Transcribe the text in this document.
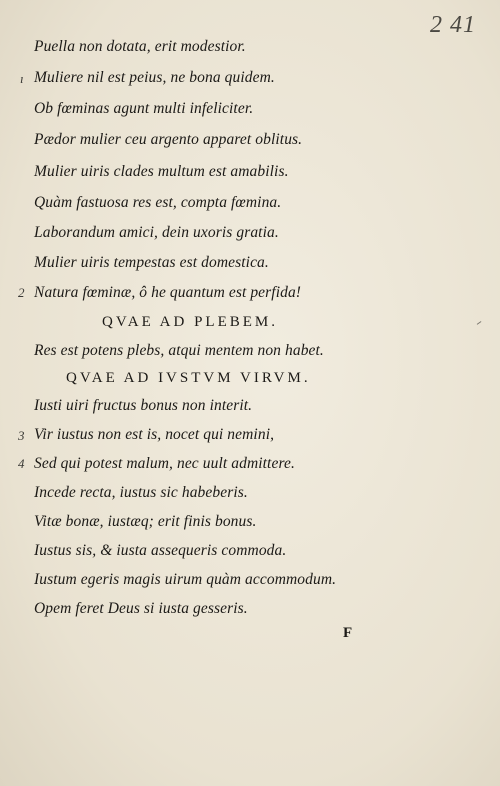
2 41
Puella non dotata, erit modestior.
Muliere nil est peius, ne bona quidem.
Ob fœminas agunt multi infeliciter.
Pædor mulier ceu argento apparet oblitus.
Mulier uiris clades multum est amabilis.
Quàm fastuosa res est, compta fœmina.
Laborandum amici, dein uxoris gratia.
Mulier uiris tempestas est domestica.
Natura fœminæ, ô he quantum est perfida!
QVAE AD PLEBEM.
Res est potens plebs, atqui mentem non habet.
QVAE AD IVSTVM VIRVM.
Iusti uiri fructus bonus non interit.
Vir iustus non est is, nocet qui nemini,
Sed qui potest malum, nec uult admittere.
Incede recta, iustus sic habeberis.
Vitæ bonæ, iustæq; erit finis bonus.
Iustus sis, & iusta assequeris commoda.
Iustum egeris magis uirum quàm accommodum.
Opem feret Deus si iusta gesseris.
ı
2
3
4
F
